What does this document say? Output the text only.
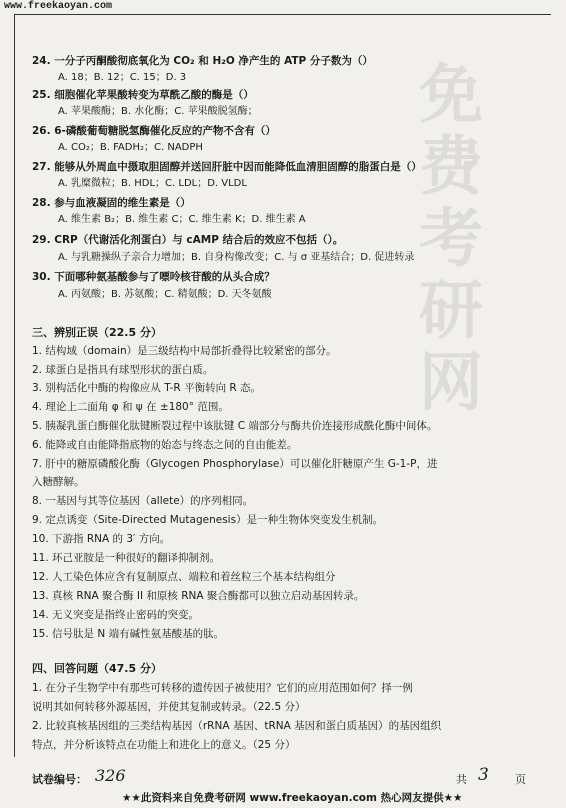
www.freekaoyan.com
免费考研网
24. 一分子丙酮酸彻底氧化为 CO₂ 和 H₂O 净产生的 ATP 分子数为（）
A. 18；B. 12；C. 15；D. 3
25. 细胞催化苹果酸转变为草酰乙酸的酶是（）
A. 苹果酸酶；B. 水化酶；C. 苹果酸脱氢酶；
26. 6-磷酸葡萄糖脱氢酶催化反应的产物不含有（）
A. CO₂；B. FADH₂；C. NADPH
27. 能够从外周血中摄取胆固醇并送回肝脏中因而能降低血清胆固醇的脂蛋白是（）
A. 乳糜微粒；B. HDL；C. LDL；D. VLDL
28. 参与血液凝固的维生素是（）
A. 维生素 B₂；B. 维生素 C；C. 维生素 K；D. 维生素 A
29. CRP（代谢活化剂蛋白）与 cAMP 结合后的效应不包括（）。
A. 与乳糖操纵子亲合力增加；B. 自身构像改变；C. 与 σ 亚基结合；D. 促进转录
30. 下面哪种氨基酸参与了嘌呤核苷酸的从头合成？
A. 丙氨酸；B. 苏氨酸；C. 精氨酸；D. 天冬氨酸
三、辨别正误（22.5 分）
1. 结构域（domain）是三级结构中局部折叠得比较紧密的部分。
2. 球蛋白是指具有球型形状的蛋白质。
3. 别构活化中酶的构像应从 T-R 平衡转向 R 态。
4. 理论上二面角 φ 和 ψ 在 ±180° 范围。
5. 胰凝乳蛋白酶催化肽键断裂过程中该肽键 C 端部分与酶共价连接形成酰化酶中间体。
6. 能降或自由能降指底物的始态与终态之间的自由能差。
7. 肝中的糖原磷酸化酶（Glycogen Phosphorylase）可以催化肝糖原产生 G-1-P，进
入糖酵解。
8. 一基因与其等位基因（allete）的序列相同。
9. 定点诱变（Site-Directed Mutagenesis）是一种生物体突变发生机制。
10. 下游指 RNA 的 3′ 方向。
11. 环己亚胺是一种很好的翻译抑制剂。
12. 人工染色体应含有复制原点、端粒和着丝粒三个基本结构组分
13. 真核 RNA 聚合酶 II 和原核 RNA 聚合酶都可以独立启动基因转录。
14. 无义突变是指终止密码的突变。
15. 信号肽是 N 端有碱性氨基酸基的肽。
四、回答问题（47.5 分）
1. 在分子生物学中有那些可转移的遗传因子被使用？它们的应用范围如何？择一例
说明其如何转移外源基因，并使其复制或转录。（22.5 分）
2. 比较真核基因组的三类结构基因（rRNA 基因、tRNA 基因和蛋白质基因）的基因组织
特点，并分析该特点在功能上和进化上的意义。（25 分）
试卷编号： 326	共 3 页
★★此资料来自免费考研网 www.freekaoyan.com 热心网友提供★★
